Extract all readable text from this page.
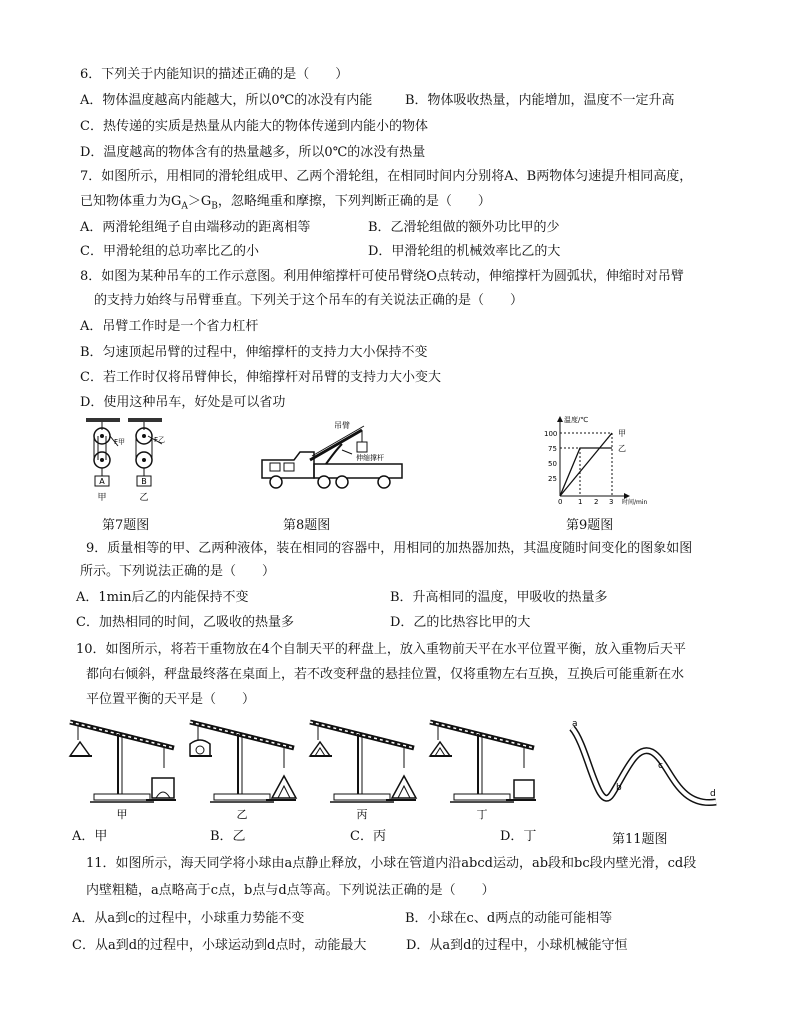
6．下列关于内能知识的描述正确的是（　　）
A．物体温度越高内能越大，所以0℃的冰没有内能	B．物体吸收热量，内能增加，温度不一定升高
C．热传递的实质是热量从内能大的物体传递到内能小的物体
D．温度越高的物体含有的热量越多，所以0℃的冰没有热量
7．如图所示，用相同的滑轮组成甲、乙两个滑轮组，在相同时间内分别将A、B两物体匀速提升相同高度，
已知物体重力为$G_A>G_B$，忽略绳重和摩擦，下列判断正确的是（　　）
A．两滑轮组绳子自由端移动的距离相等	B．乙滑轮组做的额外功比甲的少
C．甲滑轮组的总功率比乙的小	D．甲滑轮组的机械效率比乙的大
8．如图为某种吊车的工作示意图。利用伸缩撑杆可使吊臂绕O点转动，伸缩撑杆为圆弧状，伸缩时对吊臂
的支持力始终与吊臂垂直。下列关于这个吊车的有关说法正确的是（　　）
A．吊臂工作时是一个省力杠杆
B．匀速顶起吊臂的过程中，伸缩撑杆的支持力大小保持不变
C．若工作时仅将吊臂伸长，伸缩撑杆对吊臂的支持力大小变大
D．使用这种吊车，好处是可以省功
A
F甲
甲
B
F乙
乙
第7题图
吊臂
伸缩撑杆
第8题图
温度/℃
时间/min
100
75
50
25
0 1 2 3
甲
乙
第9题图
9．质量相等的甲、乙两种液体，装在相同的容器中，用相同的加热器加热，其温度随时间变化的图象如图
所示。下列说法正确的是（　　）
A．1min后乙的内能保持不变	B．升高相同的温度，甲吸收的热量多
C．加热相同的时间，乙吸收的热量多	D．乙的比热容比甲的大
10．如图所示，将若干重物放在4个自制天平的秤盘上，放入重物前天平在水平位置平衡，放入重物后天平
都向右倾斜，秤盘最终落在桌面上，若不改变秤盘的悬挂位置，仅将重物左右互换，互换后可能重新在水
平位置平衡的天平是（　　）
甲	乙	丙	丁
a
b
c
d
A．甲	B．乙	C．丙	D．丁	第11题图
11．如图所示，海天同学将小球由a点静止释放，小球在管道内沿abcd运动，ab段和bc段内壁光滑，cd段
内壁粗糙，a点略高于c点，b点与d点等高。下列说法正确的是（　　）
A．从a到c的过程中，小球重力势能不变	B．小球在c、d两点的动能可能相等
C．从a到d的过程中，小球运动到d点时，动能最大	D．从a到d的过程中，小球机械能守恒
